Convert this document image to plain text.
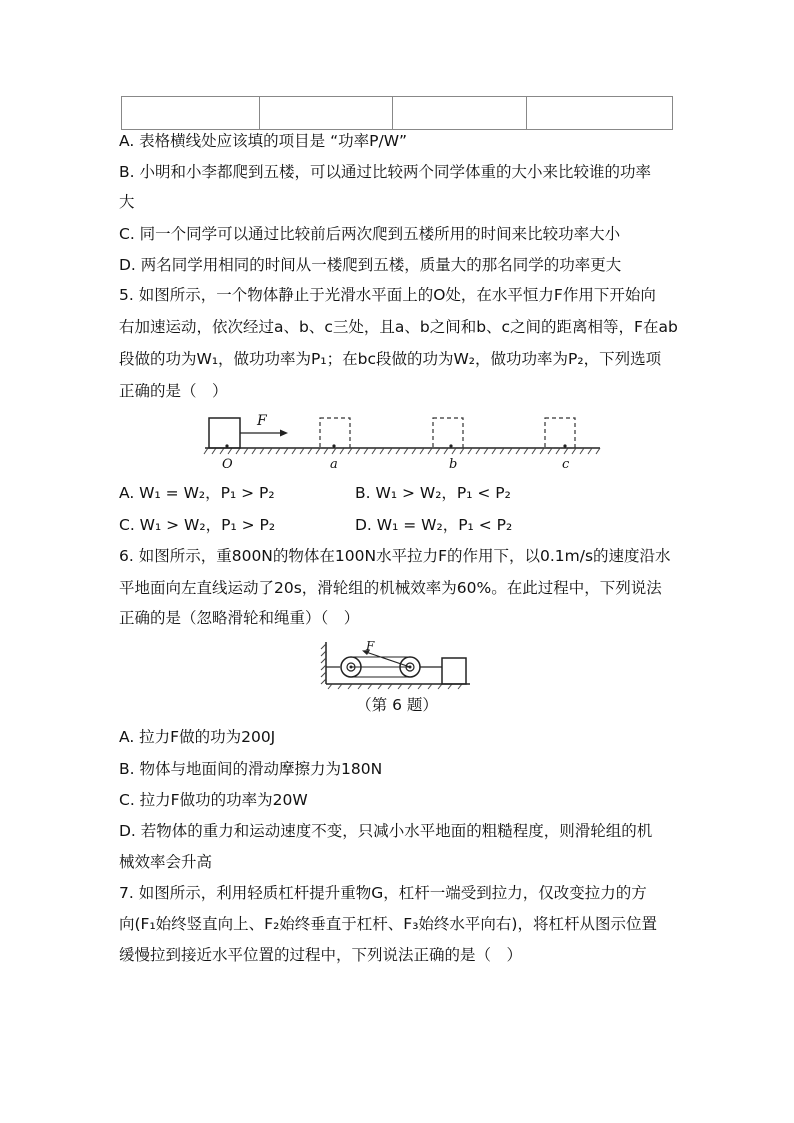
A. 表格横线处应该填的项目是 “功率P/W”
B. 小明和小李都爬到五楼，可以通过比较两个同学体重的大小来比较谁的功率
大
C. 同一个同学可以通过比较前后两次爬到五楼所用的时间来比较功率大小
D. 两名同学用相同的时间从一楼爬到五楼，质量大的那名同学的功率更大
5. 如图所示，一个物体静止于光滑水平面上的O处，在水平恒力F作用下开始向
右加速运动，依次经过a、b、c三处，且a、b之间和b、c之间的距离相等，F在ab
段做的功为W₁，做功功率为P₁；在bc段做的功为W₂，做功功率为P₂，下列选项
正确的是（　）
F
O	a	b	c
A. W₁ = W₂，P₁ > P₂	B. W₁ > W₂，P₁ < P₂
C. W₁ > W₂，P₁ > P₂	D. W₁ = W₂，P₁ < P₂
6. 如图所示，重800N的物体在100N水平拉力F的作用下，以0.1m/s的速度沿水
平地面向左直线运动了20s，滑轮组的机械效率为60%。在此过程中，下列说法
正确的是（忽略滑轮和绳重）（　）
F
（第 6 题）
A. 拉力F做的功为200J
B. 物体与地面间的滑动摩擦力为180N
C. 拉力F做功的功率为20W
D. 若物体的重力和运动速度不变，只减小水平地面的粗糙程度，则滑轮组的机
械效率会升高
7. 如图所示，利用轻质杠杆提升重物G，杠杆一端受到拉力，仅改变拉力的方
向(F₁始终竖直向上、F₂始终垂直于杠杆、F₃始终水平向右)，将杠杆从图示位置
缓慢拉到接近水平位置的过程中，下列说法正确的是（　）
